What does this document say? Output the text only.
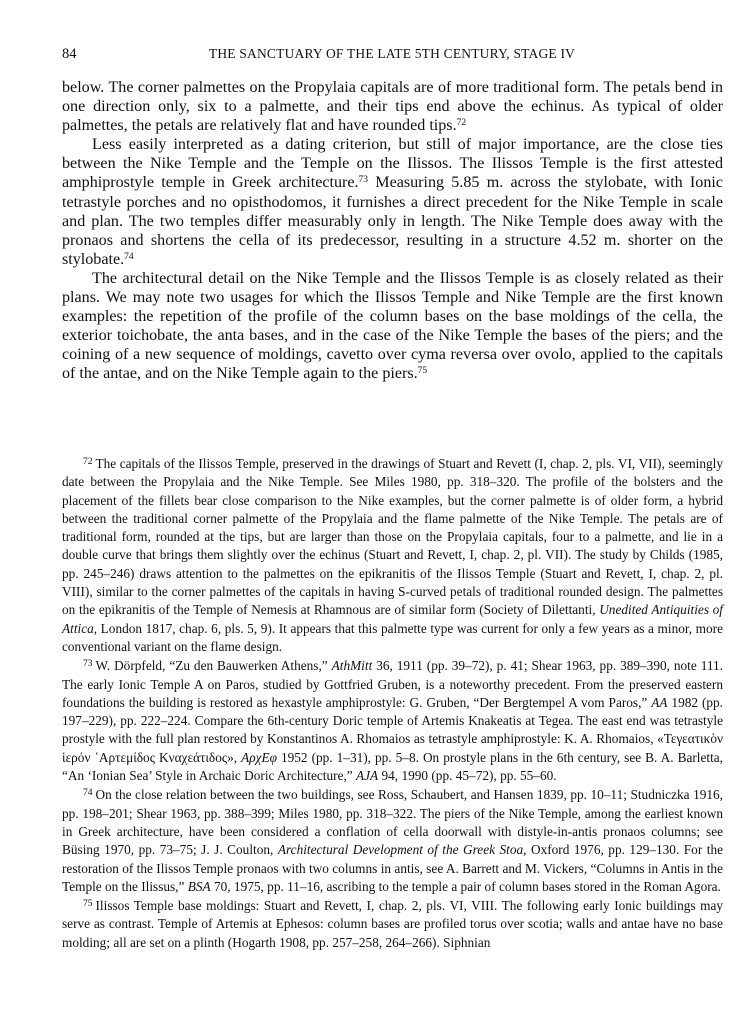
84	THE SANCTUARY OF THE LATE 5TH CENTURY, STAGE IV

below. The corner palmettes on the Propylaia capitals are of more traditional form. The petals bend in one direction only, six to a palmette, and their tips end above the echinus. As typical of older palmettes, the petals are relatively flat and have rounded tips.$^{72}$

Less easily interpreted as a dating criterion, but still of major importance, are the close ties between the Nike Temple and the Temple on the Ilissos. The Ilissos Temple is the first attested amphiprostyle temple in Greek architecture.$^{73}$ Measuring 5.85 m. across the stylobate, with Ionic tetrastyle porches and no opisthodomos, it furnishes a direct precedent for the Nike Temple in scale and plan. The two temples differ measurably only in length. The Nike Temple does away with the pronaos and shortens the cella of its predecessor, resulting in a structure 4.52 m. shorter on the stylobate.$^{74}$

The architectural detail on the Nike Temple and the Ilissos Temple is as closely related as their plans. We may note two usages for which the Ilissos Temple and Nike Temple are the first known examples: the repetition of the profile of the column bases on the base moldings of the cella, the exterior toichobate, the anta bases, and in the case of the Nike Temple the bases of the piers; and the coining of a new sequence of moldings, cavetto over cyma reversa over ovolo, applied to the capitals of the antae, and on the Nike Temple again to the piers.$^{75}$

$^{72}$ The capitals of the Ilissos Temple, preserved in the drawings of Stuart and Revett (I, chap. 2, pls. VI, VII), seemingly date between the Propylaia and the Nike Temple. See Miles 1980, pp. 318–320. The profile of the bolsters and the placement of the fillets bear close comparison to the Nike examples, but the corner palmette is of older form, a hybrid between the traditional corner palmette of the Propylaia and the flame palmette of the Nike Temple. The petals are of traditional form, rounded at the tips, but are larger than those on the Propylaia capitals, four to a palmette, and lie in a double curve that brings them slightly over the echinus (Stuart and Revett, I, chap. 2, pl. VII). The study by Childs (1985, pp. 245–246) draws attention to the palmettes on the epikranitis of the Ilissos Temple (Stuart and Revett, I, chap. 2, pl. VIII), similar to the corner palmettes of the capitals in having S-curved petals of traditional rounded design. The palmettes on the epikranitis of the Temple of Nemesis at Rhamnous are of similar form (Society of Dilettanti, Unedited Antiquities of Attica, London 1817, chap. 6, pls. 5, 9). It appears that this palmette type was current for only a few years as a minor, more conventional variant on the flame design.

$^{73}$ W. Dörpfeld, “Zu den Bauwerken Athens,” AthMitt 36, 1911 (pp. 39–72), p. 41; Shear 1963, pp. 389–390, note 111. The early Ionic Temple A on Paros, studied by Gottfried Gruben, is a noteworthy precedent. From the preserved eastern foundations the building is restored as hexastyle amphiprostyle: G. Gruben, “Der Bergtempel A vom Paros,” AA 1982 (pp. 197–229), pp. 222–224. Compare the 6th-century Doric temple of Artemis Knakeatis at Tegea. The east end was tetrastyle prostyle with the full plan restored by Konstantinos A. Rhomaios as tetrastyle amphiprostyle: K. A. Rhomaios, «Τεγεατικὸν ἱερόν ᾿Αρτεμίδος Κναχεάτιδος», ΑρχΕφ 1952 (pp. 1–31), pp. 5–8. On prostyle plans in the 6th century, see B. A. Barletta, “An ‘Ionian Sea’ Style in Archaic Doric Architecture,” AJA 94, 1990 (pp. 45–72), pp. 55–60.

$^{74}$ On the close relation between the two buildings, see Ross, Schaubert, and Hansen 1839, pp. 10–11; Studniczka 1916, pp. 198–201; Shear 1963, pp. 388–399; Miles 1980, pp. 318–322. The piers of the Nike Temple, among the earliest known in Greek architecture, have been considered a conflation of cella doorwall with distyle-in-antis pronaos columns; see Büsing 1970, pp. 73–75; J. J. Coulton, Architectural Development of the Greek Stoa, Oxford 1976, pp. 129–130. For the restoration of the Ilissos Temple pronaos with two columns in antis, see A. Barrett and M. Vickers, “Columns in Antis in the Temple on the Ilissus,” BSA 70, 1975, pp. 11–16, ascribing to the temple a pair of column bases stored in the Roman Agora.

$^{75}$ Ilissos Temple base moldings: Stuart and Revett, I, chap. 2, pls. VI, VIII. The following early Ionic buildings may serve as contrast. Temple of Artemis at Ephesos: column bases are profiled torus over scotia; walls and antae have no base molding; all are set on a plinth (Hogarth 1908, pp. 257–258, 264–266). Siphnian
